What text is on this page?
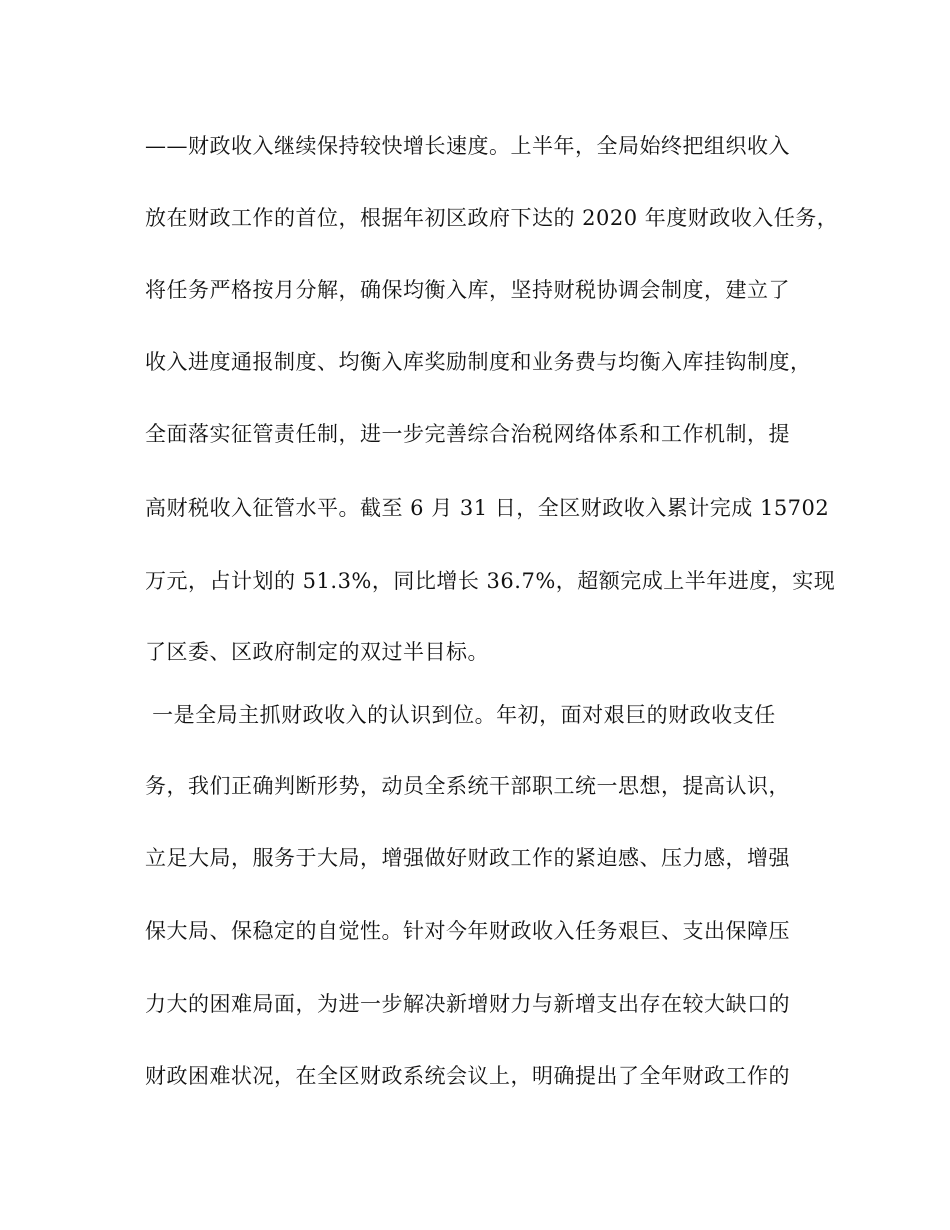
——财政收入继续保持较快增长速度。上半年，全局始终把组织收入

放在财政工作的首位，根据年初区政府下达的 2020 年度财政收入任务，

将任务严格按月分解，确保均衡入库，坚持财税协调会制度，建立了

收入进度通报制度、均衡入库奖励制度和业务费与均衡入库挂钩制度，

全面落实征管责任制，进一步完善综合治税网络体系和工作机制，提

高财税收入征管水平。截至 6 月 31 日，全区财政收入累计完成 15702

万元，占计划的 51.3%，同比增长 36.7%，超额完成上半年进度，实现

了区委、区政府制定的双过半目标。

一是全局主抓财政收入的认识到位。年初，面对艰巨的财政收支任

务，我们正确判断形势，动员全系统干部职工统一思想，提高认识，

立足大局，服务于大局，增强做好财政工作的紧迫感、压力感，增强

保大局、保稳定的自觉性。针对今年财政收入任务艰巨、支出保障压

力大的困难局面，为进一步解决新增财力与新增支出存在较大缺口的

财政困难状况，在全区财政系统会议上，明确提出了全年财政工作的
